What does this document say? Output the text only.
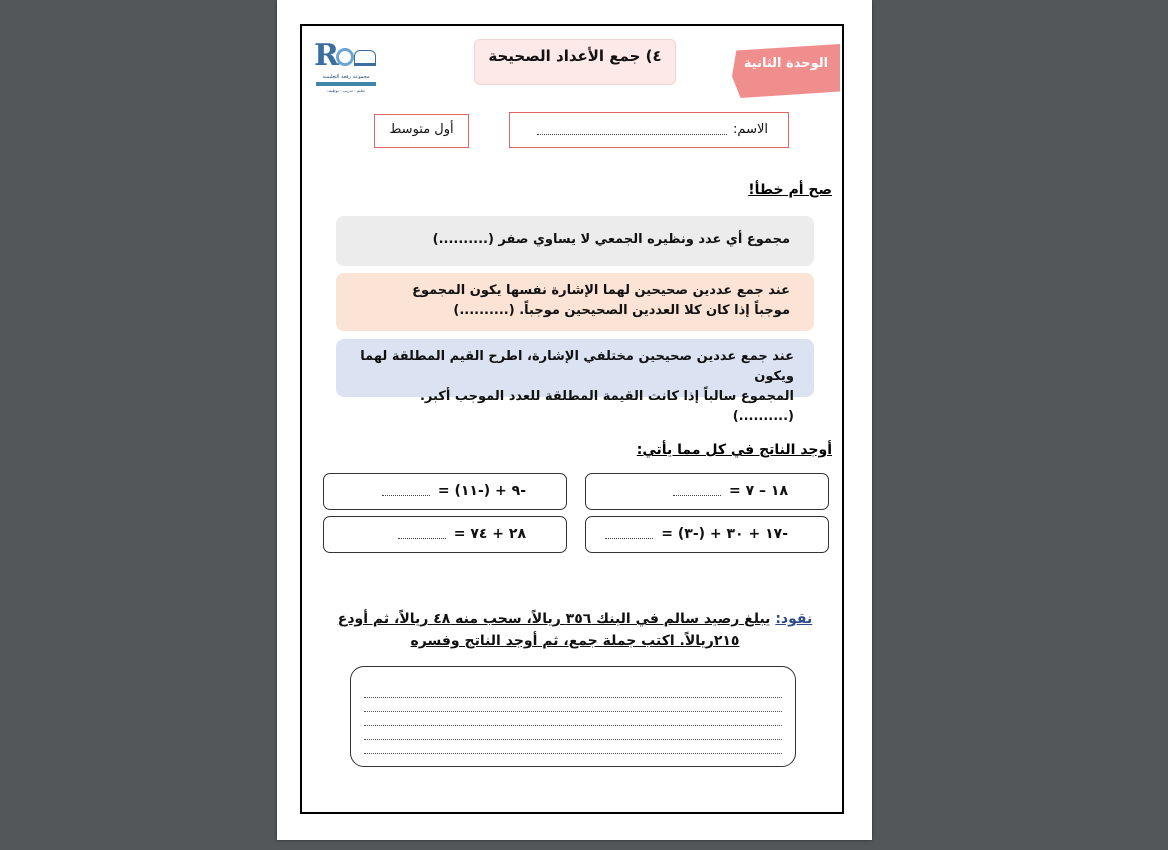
R
مجموعة رفعة التعليمية
تعليم · تدريب · توظيف
٤) جمع الأعداد الصحيحة	الوحدة الثانية
أول متوسط	الاسم:
صح أم خطأ!
مجموع أي عدد ونظيره الجمعي لا يساوي صفر (..........)
عند جمع عددين صحيحين لهما الإشارة نفسها يكون المجموع
موجباً إذا كان كلا العددين الصحيحين موجباً. (..........)
عند جمع عددين صحيحين مختلفي الإشارة، اطرح القيم المطلقة لهما ويكون
المجموع سالباً إذا كانت القيمة المطلقة للعدد الموجب أكبر. (..........)
أوجد الناتج في كل مما يأتي:
١٨ – ٧ =
-٩ + (-١١) =
-١٧ + ٣٠ + (-٣) =
٢٨ + ٧٤ =
نقود: يبلغ رصيد سالم في البنك ٣٥٦ ريالاً، سحب منه ٤٨ ريالاً، ثم أودع
٢١٥ريالاً. اكتب جملة جمع، ثم أوجد الناتج وفسره
